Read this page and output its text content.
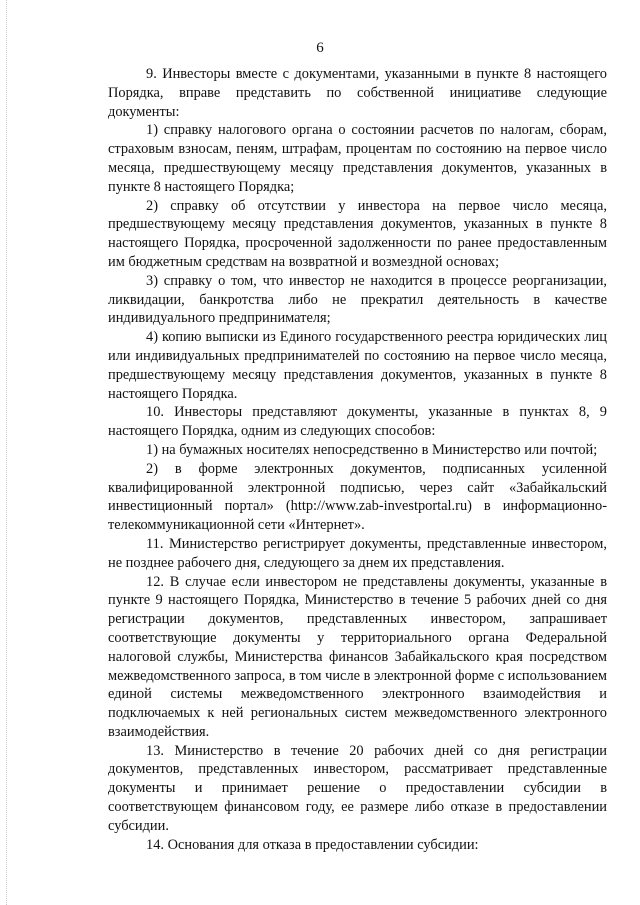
6

9. Инвесторы вместе с документами, указанными в пункте 8 настоящего Порядка, вправе представить по собственной инициативе следующие документы:

1) справку налогового органа о состоянии расчетов по налогам, сборам, страховым взносам, пеням, штрафам, процентам по состоянию на первое число месяца, предшествующему месяцу представления документов, указанных в пункте 8 настоящего Порядка;

2) справку об отсутствии у инвестора на первое число месяца, предшествующему месяцу представления документов, указанных в пункте 8 настоящего Порядка, просроченной задолженности по ранее предоставленным им бюджетным средствам на возвратной и возмездной основах;

3) справку о том, что инвестор не находится в процессе реорганизации, ликвидации, банкротства либо не прекратил деятельность в качестве индивидуального предпринимателя;

4) копию выписки из Единого государственного реестра юридических лиц или индивидуальных предпринимателей по состоянию на первое число месяца, предшествующему месяцу представления документов, указанных в пункте 8 настоящего Порядка.

10. Инвесторы представляют документы, указанные в пунктах 8, 9 настоящего Порядка, одним из следующих способов:

1) на бумажных носителях непосредственно в Министерство или почтой;

2) в форме электронных документов, подписанных усиленной квалифицированной электронной подписью, через сайт «Забайкальский инвестиционный портал» (http://www.zab-investportal.ru) в информационно-телекоммуникационной сети «Интернет».

11. Министерство регистрирует документы, представленные инвестором, не позднее рабочего дня, следующего за днем их представления.

12. В случае если инвестором не представлены документы, указанные в пункте 9 настоящего Порядка, Министерство в течение 5 рабочих дней со дня регистрации документов, представленных инвестором, запрашивает соответствующие документы у территориального органа Федеральной налоговой службы, Министерства финансов Забайкальского края посредством межведомственного запроса, в том числе в электронной форме с использованием единой системы межведомственного электронного взаимодействия и подключаемых к ней региональных систем межведомственного электронного взаимодействия.

13. Министерство в течение 20 рабочих дней со дня регистрации документов, представленных инвестором, рассматривает представленные документы и принимает решение о предоставлении субсидии в соответствующем финансовом году, ее размере либо отказе в предоставлении субсидии.

14. Основания для отказа в предоставлении субсидии:
